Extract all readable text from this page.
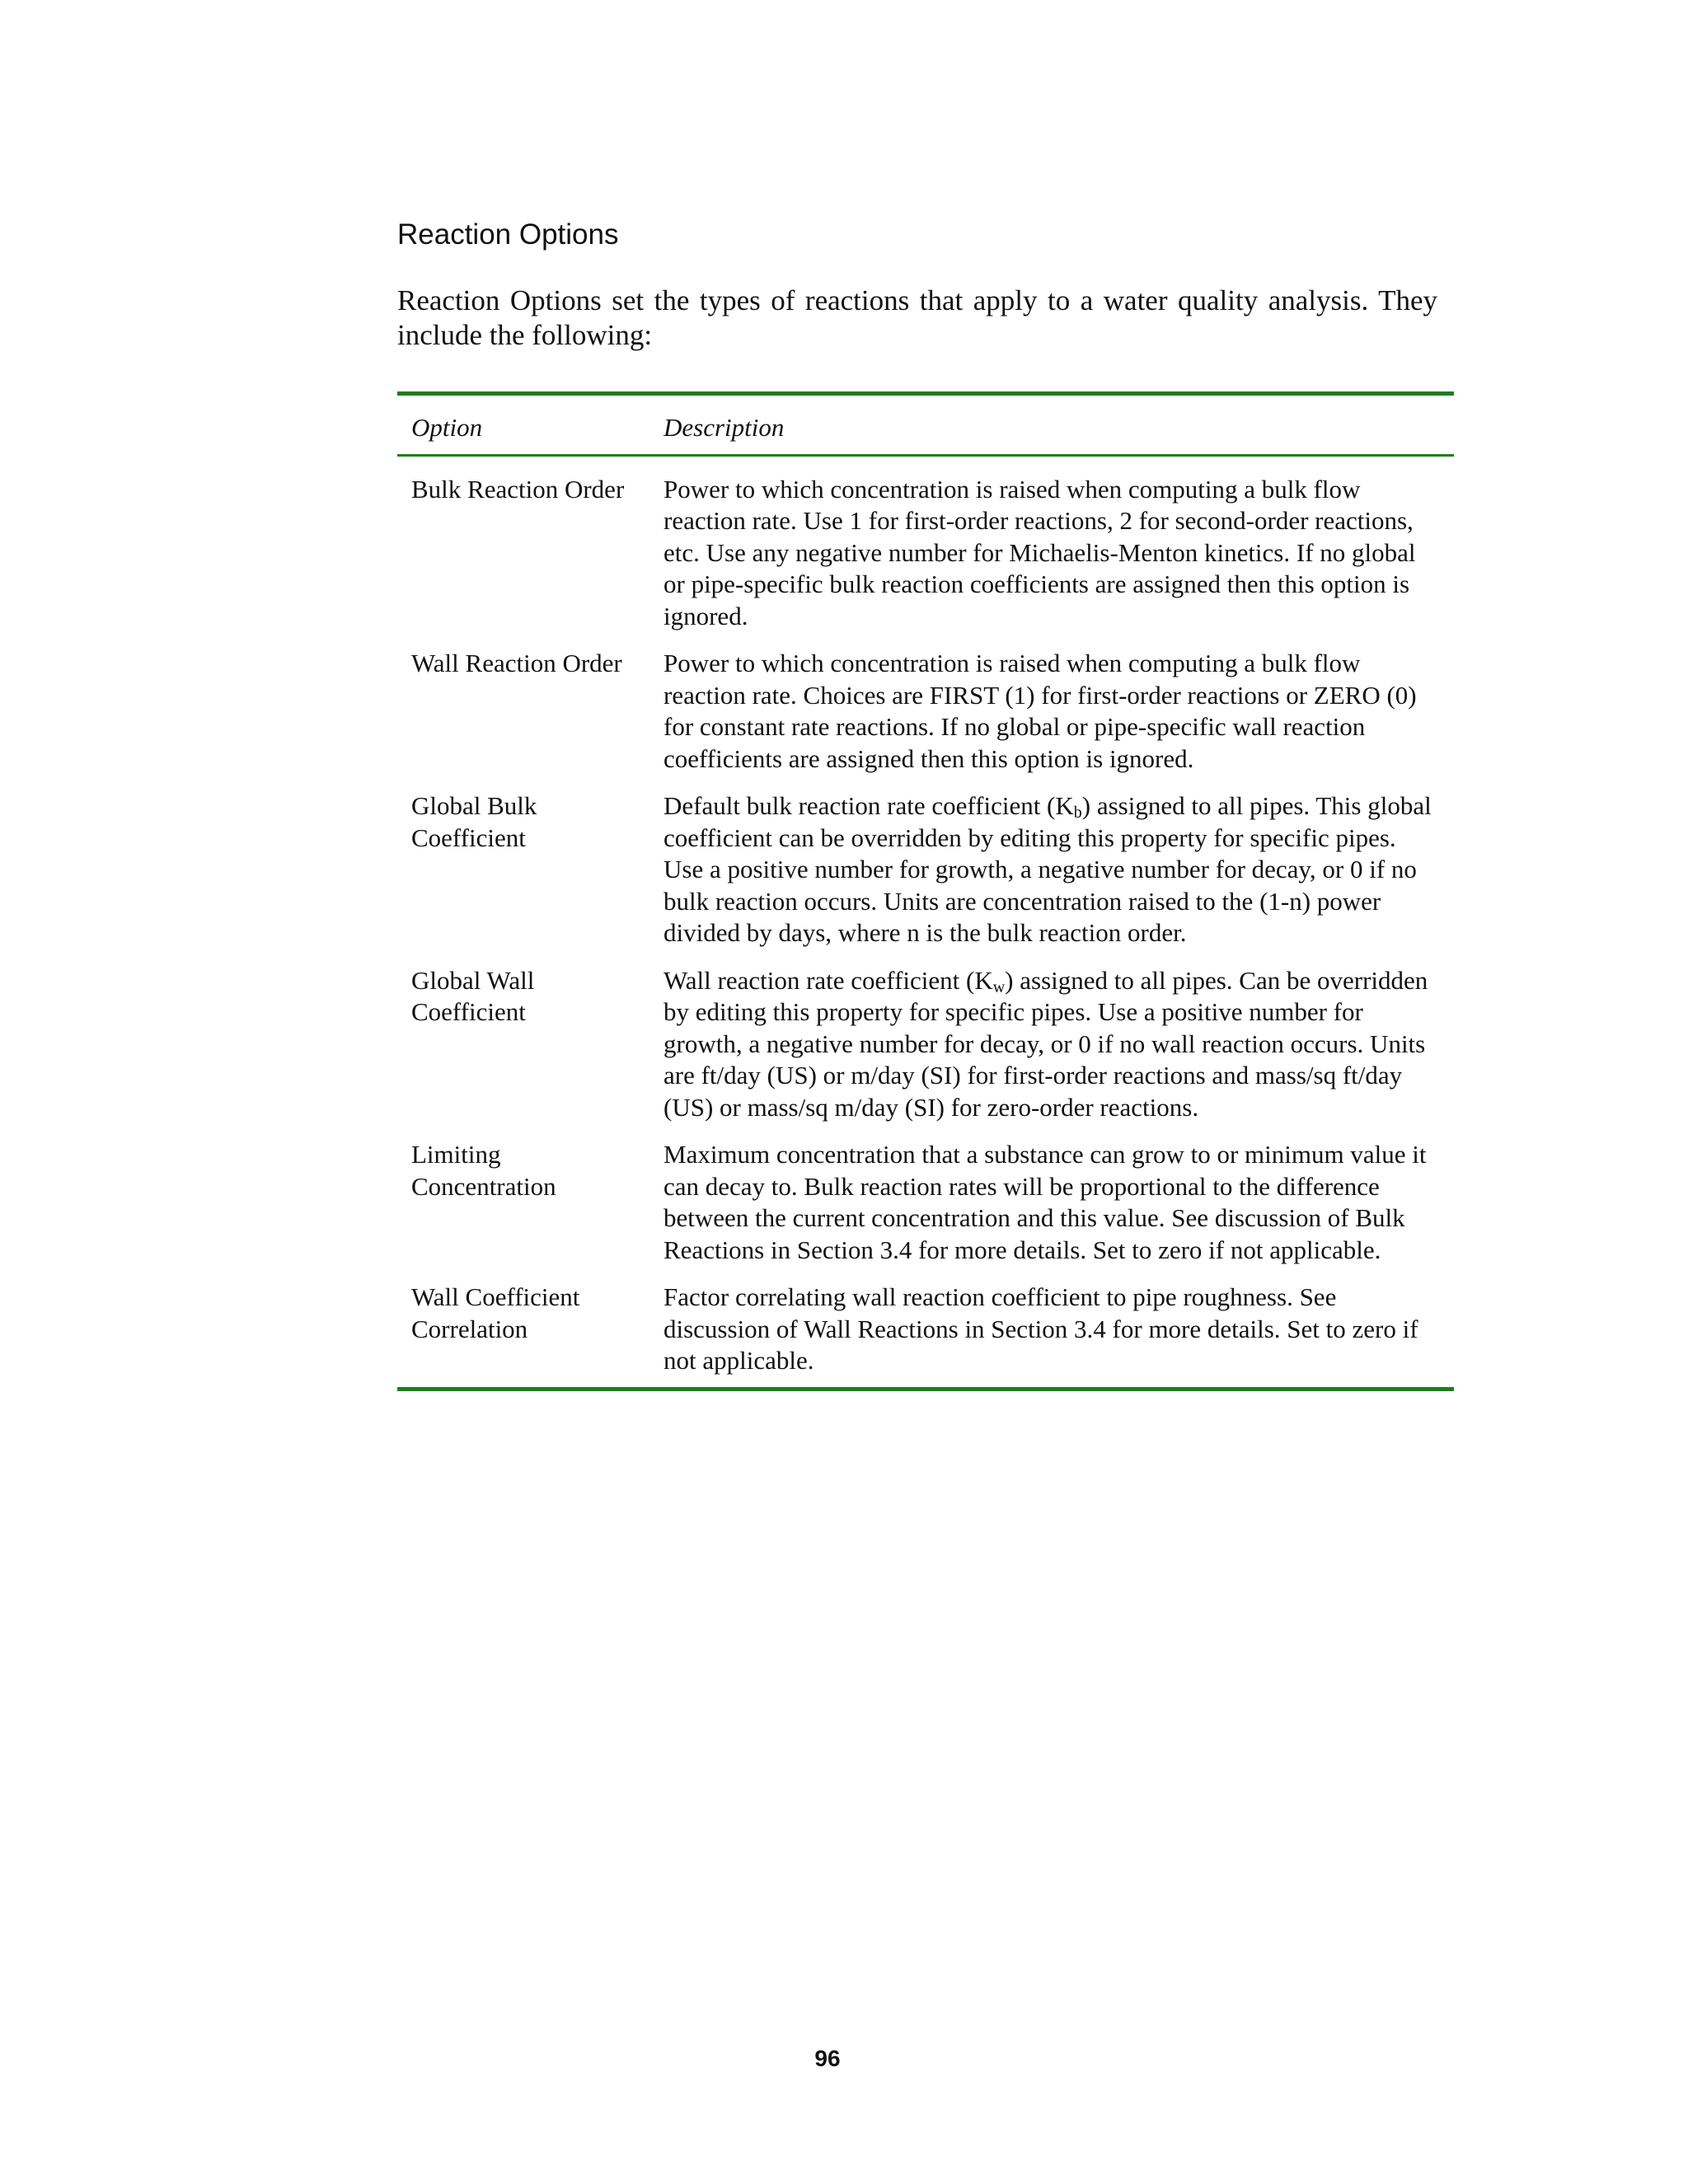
Reaction Options

Reaction Options set the types of reactions that apply to a water quality analysis. They include the following:

Option	Description
Bulk Reaction Order	Power to which concentration is raised when computing a bulk flow reaction rate. Use 1 for first-order reactions, 2 for second-order reactions, etc. Use any negative number for Michaelis-Menton kinetics. If no global or pipe-specific bulk reaction coefficients are assigned then this option is ignored.
Wall Reaction Order	Power to which concentration is raised when computing a bulk flow reaction rate. Choices are FIRST (1) for first-order reactions or ZERO (0) for constant rate reactions. If no global or pipe-specific wall reaction coefficients are assigned then this option is ignored.
Global Bulk Coefficient	Default bulk reaction rate coefficient $(K_b)$ assigned to all pipes. This global coefficient can be overridden by editing this property for specific pipes. Use a positive number for growth, a negative number for decay, or 0 if no bulk reaction occurs. Units are concentration raised to the (1-n) power divided by days, where n is the bulk reaction order.
Global Wall Coefficient	Wall reaction rate coefficient $(K_w)$ assigned to all pipes. Can be overridden by editing this property for specific pipes. Use a positive number for growth, a negative number for decay, or 0 if no wall reaction occurs. Units are ft/day (US) or m/day (SI) for first-order reactions and mass/sq ft/day (US) or mass/sq m/day (SI) for zero-order reactions.
Limiting Concentration	Maximum concentration that a substance can grow to or minimum value it can decay to. Bulk reaction rates will be proportional to the difference between the current concentration and this value. See discussion of Bulk Reactions in Section 3.4 for more details. Set to zero if not applicable.
Wall Coefficient Correlation	Factor correlating wall reaction coefficient to pipe roughness. See discussion of Wall Reactions in Section 3.4 for more details. Set to zero if not applicable.
96
